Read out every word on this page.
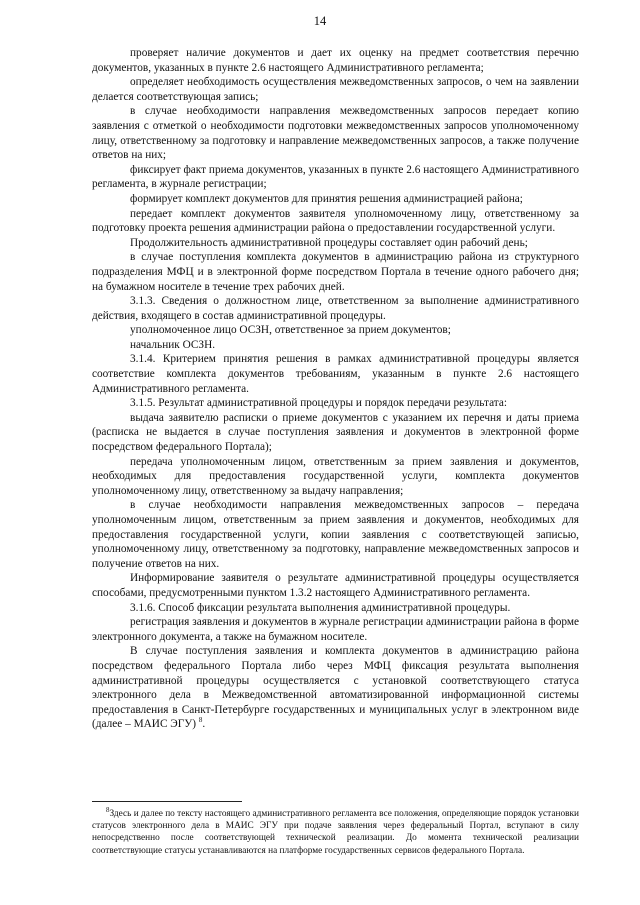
14

проверяет наличие документов и дает их оценку на предмет соответствия перечню документов, указанных в пункте 2.6 настоящего Административного регламента;

определяет необходимость осуществления межведомственных запросов, о чем на заявлении делается соответствующая запись;

в случае необходимости направления межведомственных запросов передает копию заявления с отметкой о необходимости подготовки межведомственных запросов уполномоченному лицу, ответственному за подготовку и направление межведомственных запросов, а также получение ответов на них;

фиксирует факт приема документов, указанных в пункте 2.6 настоящего Административного регламента, в журнале регистрации;

формирует комплект документов для принятия решения администрацией района;

передает комплект документов заявителя уполномоченному лицу, ответственному за подготовку проекта решения администрации района о предоставлении государственной услуги.

Продолжительность административной процедуры составляет один рабочий день;

в случае поступления комплекта документов в администрацию района из структурного подразделения МФЦ и в электронной форме посредством Портала в течение одного рабочего дня; на бумажном носителе в течение трех рабочих дней.

3.1.3. Сведения о должностном лице, ответственном за выполнение административного действия, входящего в состав административной процедуры.

уполномоченное лицо ОСЗН, ответственное за прием документов;

начальник ОСЗН.

3.1.4. Критерием принятия решения в рамках административной процедуры является соответствие комплекта документов требованиям, указанным в пункте 2.6 настоящего Административного регламента.

3.1.5. Результат административной процедуры и порядок передачи результата:

выдача заявителю расписки о приеме документов с указанием их перечня и даты приема (расписка не выдается в случае поступления заявления и документов в электронной форме посредством федерального Портала);

передача уполномоченным лицом, ответственным за прием заявления и документов, необходимых для предоставления государственной услуги, комплекта документов уполномоченному лицу, ответственному за выдачу направления;

в случае необходимости направления межведомственных запросов – передача уполномоченным лицом, ответственным за прием заявления и документов, необходимых для предоставления государственной услуги, копии заявления с соответствующей записью, уполномоченному лицу, ответственному за подготовку, направление межведомственных запросов и получение ответов на них.

Информирование заявителя о результате административной процедуры осуществляется способами, предусмотренными пунктом 1.3.2 настоящего Административного регламента.

3.1.6. Способ фиксации результата выполнения административной процедуры.

регистрация заявления и документов в журнале регистрации администрации района в форме электронного документа, а также на бумажном носителе.

В случае поступления заявления и комплекта документов в администрацию района посредством федерального Портала либо через МФЦ фиксация результата выполнения административной процедуры осуществляется с установкой соответствующего статуса электронного дела в Межведомственной автоматизированной информационной системы предоставления в Санкт-Петербурге государственных и муниципальных услуг в электронном виде (далее – МАИС ЭГУ) $^8$.

$^8$Здесь и далее по тексту настоящего административного регламента все положения, определяющие порядок установки статусов электронного дела в МАИС ЭГУ при подаче заявления через федеральный Портал, вступают в силу непосредственно после соответствующей технической реализации. До момента технической реализации соответствующие статусы устанавливаются на платформе государственных сервисов федерального Портала.
